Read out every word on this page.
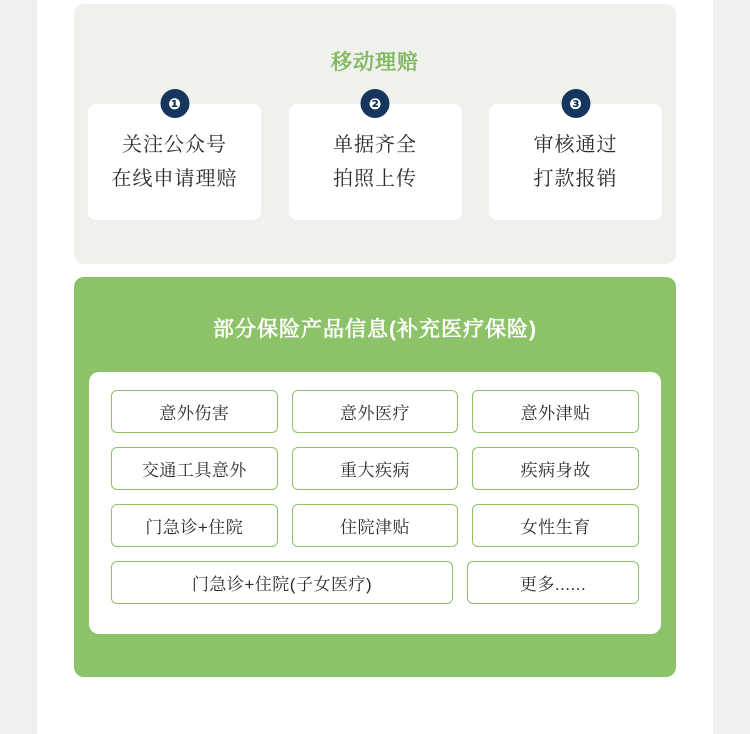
移动理赔
❶
关注公众号
在线申请理赔
❷
单据齐全
拍照上传
❸
审核通过
打款报销
部分保险产品信息(补充医疗保险)
意外伤害	意外医疗	意外津贴
交通工具意外	重大疾病	疾病身故
门急诊+住院	住院津贴	女性生育
门急诊+住院(子女医疗)	更多......
